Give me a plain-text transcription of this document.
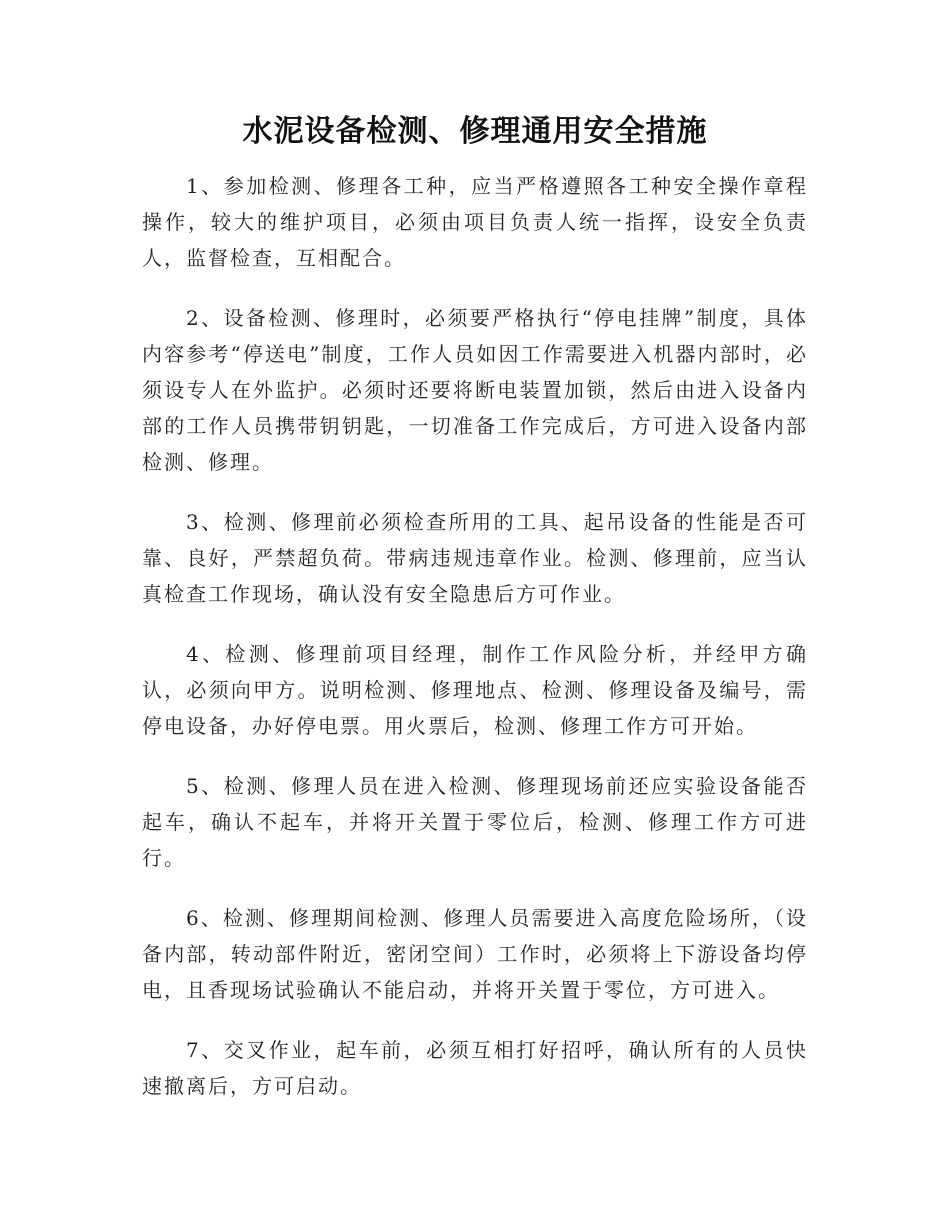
水泥设备检测、修理通用安全措施

1、参加检测、修理各工种，应当严格遵照各工种安全操作章程操作，较大的维护项目，必须由项目负责人统一指挥，设安全负责人，监督检查，互相配合。

2、设备检测、修理时，必须要严格执行“停电挂牌”制度，具体内容参考“停送电”制度，工作人员如因工作需要进入机器内部时，必须设专人在外监护。必须时还要将断电装置加锁，然后由进入设备内部的工作人员携带钥钥匙，一切准备工作完成后，方可进入设备内部检测、修理。

3、检测、修理前必须检查所用的工具、起吊设备的性能是否可靠、良好，严禁超负荷。带病违规违章作业。检测、修理前，应当认真检查工作现场，确认没有安全隐患后方可作业。

4、检测、修理前项目经理，制作工作风险分析，并经甲方确认，必须向甲方。说明检测、修理地点、检测、修理设备及编号，需停电设备，办好停电票。用火票后，检测、修理工作方可开始。

5、检测、修理人员在进入检测、修理现场前还应实验设备能否起车，确认不起车，并将开关置于零位后，检测、修理工作方可进行。

6、检测、修理期间检测、修理人员需要进入高度危险场所，（设备内部，转动部件附近，密闭空间）工作时，必须将上下游设备均停电，且香现场试验确认不能启动，并将开关置于零位，方可进入。

7、交叉作业，起车前，必须互相打好招呼，确认所有的人员快速撤离后，方可启动。
